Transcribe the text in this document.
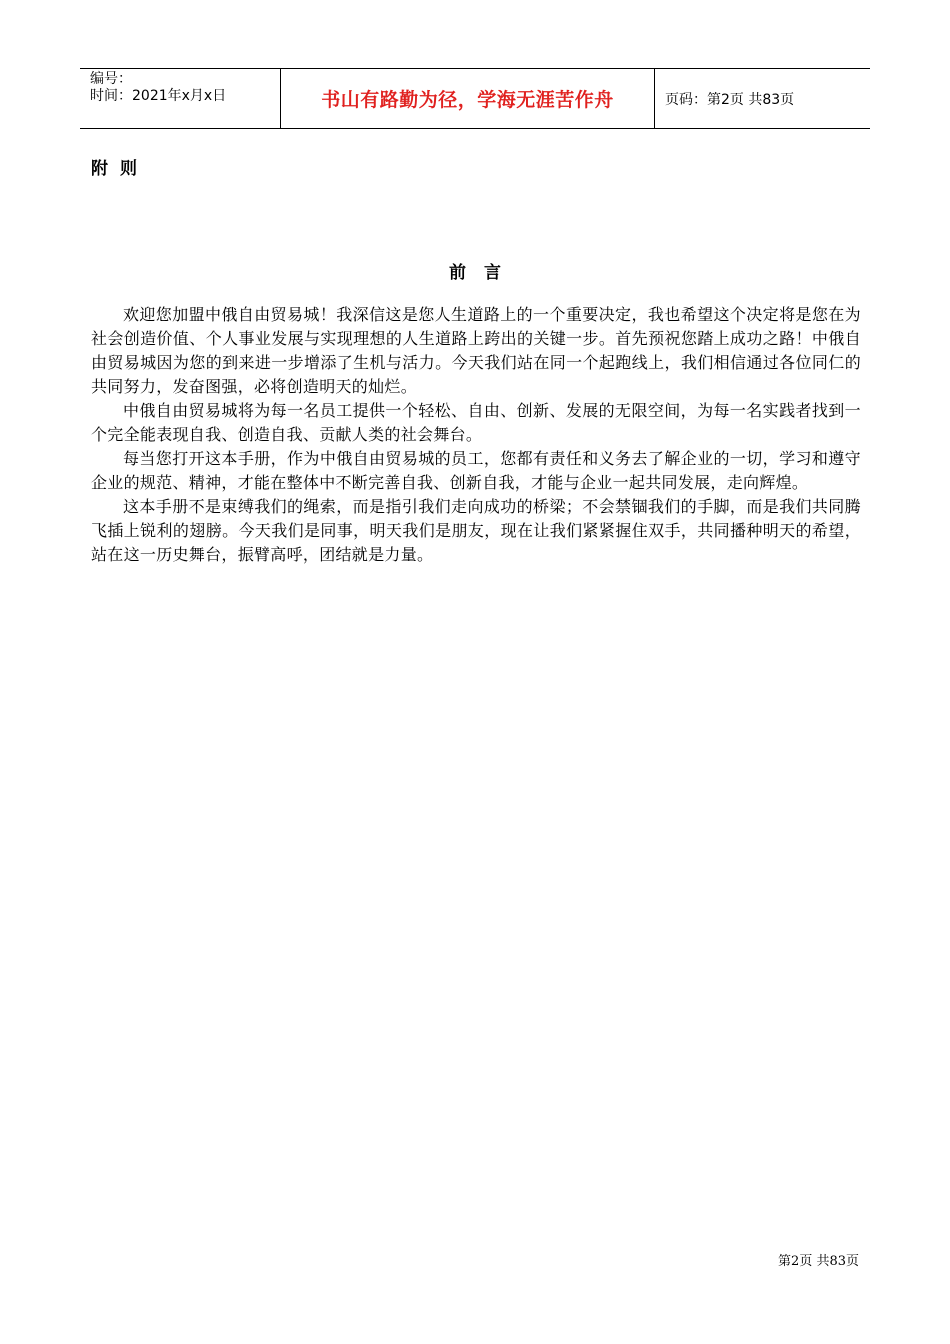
编号：
时间：2021年x月x日	书山有路勤为径，学海无涯苦作舟	页码：第2页 共83页
附则
前言

欢迎您加盟中俄自由贸易城！我深信这是您人生道路上的一个重要决定，我也希望这个决定将是您在为社会创造价值、个人事业发展与实现理想的人生道路上跨出的关键一步。首先预祝您踏上成功之路！中俄自由贸易城因为您的到来进一步增添了生机与活力。今天我们站在同一个起跑线上，我们相信通过各位同仁的共同努力，发奋图强，必将创造明天的灿烂。

中俄自由贸易城将为每一名员工提供一个轻松、自由、创新、发展的无限空间，为每一名实践者找到一个完全能表现自我、创造自我、贡献人类的社会舞台。

每当您打开这本手册，作为中俄自由贸易城的员工，您都有责任和义务去了解企业的一切，学习和遵守企业的规范、精神，才能在整体中不断完善自我、创新自我，才能与企业一起共同发展，走向辉煌。

这本手册不是束缚我们的绳索，而是指引我们走向成功的桥梁；不会禁锢我们的手脚，而是我们共同腾飞插上锐利的翅膀。今天我们是同事，明天我们是朋友，现在让我们紧紧握住双手，共同播种明天的希望，站在这一历史舞台，振臂高呼，团结就是力量。

第2页 共83页
